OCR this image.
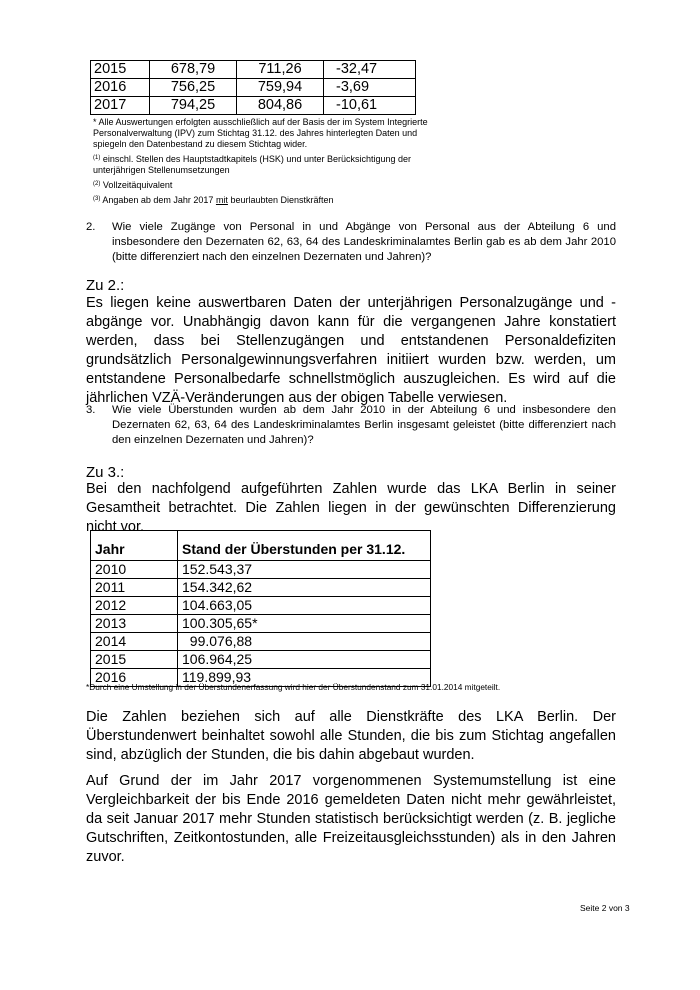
2015	678,79	711,26	-32,47
2016	756,25	759,94	-3,69
2017	794,25	804,86	-10,61

* Alle Auswertungen erfolgten ausschließlich auf der Basis der im System Integrierte Personalverwaltung (IPV) zum Stichtag 31.12. des Jahres hinterlegten Daten und spiegeln den Datenbestand zu diesem Stichtag wider.

$^{(1)}$ einschl. Stellen des Hauptstadtkapitels (HSK) und unter Berücksichtigung der unterjährigen Stellenumsetzungen

$^{(2)}$ Vollzeitäquivalent

$^{(3)}$ Angaben ab dem Jahr 2017 mit beurlaubten Dienstkräften

2.	Wie viele Zugänge von Personal in und Abgänge von Personal aus der Abteilung 6 und insbesondere den Dezernaten 62, 63, 64 des Landeskriminalamtes Berlin gab es ab dem Jahr 2010 (bitte differenziert nach den einzelnen Dezernaten und Jahren)?
Zu 2.:
Es liegen keine auswertbaren Daten der unterjährigen Personalzugänge und -abgänge vor. Unabhängig davon kann für die vergangenen Jahre konstatiert werden, dass bei Stellenzugängen und entstandenen Personaldefiziten grundsätzlich Personalgewinnungsverfahren initiiert wurden bzw. werden, um entstandene Personalbedarfe schnellstmöglich auszugleichen. Es wird auf die jährlichen VZÄ-Veränderungen aus der obigen Tabelle verwiesen.
3.	Wie viele Überstunden wurden ab dem Jahr 2010 in der Abteilung 6 und insbesondere den Dezernaten 62, 63, 64 des Landeskriminalamtes Berlin insgesamt geleistet (bitte differenziert nach den einzelnen Dezernaten und Jahren)?
Zu 3.:
Bei den nachfolgend aufgeführten Zahlen wurde das LKA Berlin in seiner Gesamtheit betrachtet. Die Zahlen liegen in der gewünschten Differenzierung nicht vor.
Jahr	Stand der Überstunden per 31.12.
2010	152.543,37
2011	154.342,62
2012	104.663,05
2013	100.305,65*
2014	99.076,88
2015	106.964,25
2016	119.899,93
*Durch eine Umstellung in der Überstundenerfassung wird hier der Überstundenstand zum 31.01.2014 mitgeteilt.
Die Zahlen beziehen sich auf alle Dienstkräfte des LKA Berlin. Der Überstundenwert beinhaltet sowohl alle Stunden, die bis zum Stichtag angefallen sind, abzüglich der Stunden, die bis dahin abgebaut wurden.
Auf Grund der im Jahr 2017 vorgenommenen Systemumstellung ist eine Vergleichbarkeit der bis Ende 2016 gemeldeten Daten nicht mehr gewährleistet, da seit Januar 2017 mehr Stunden statistisch berücksichtigt werden (z. B. jegliche Gutschriften, Zeitkontostunden, alle Freizeitausgleichsstunden) als in den Jahren zuvor.
Seite 2 von 3
